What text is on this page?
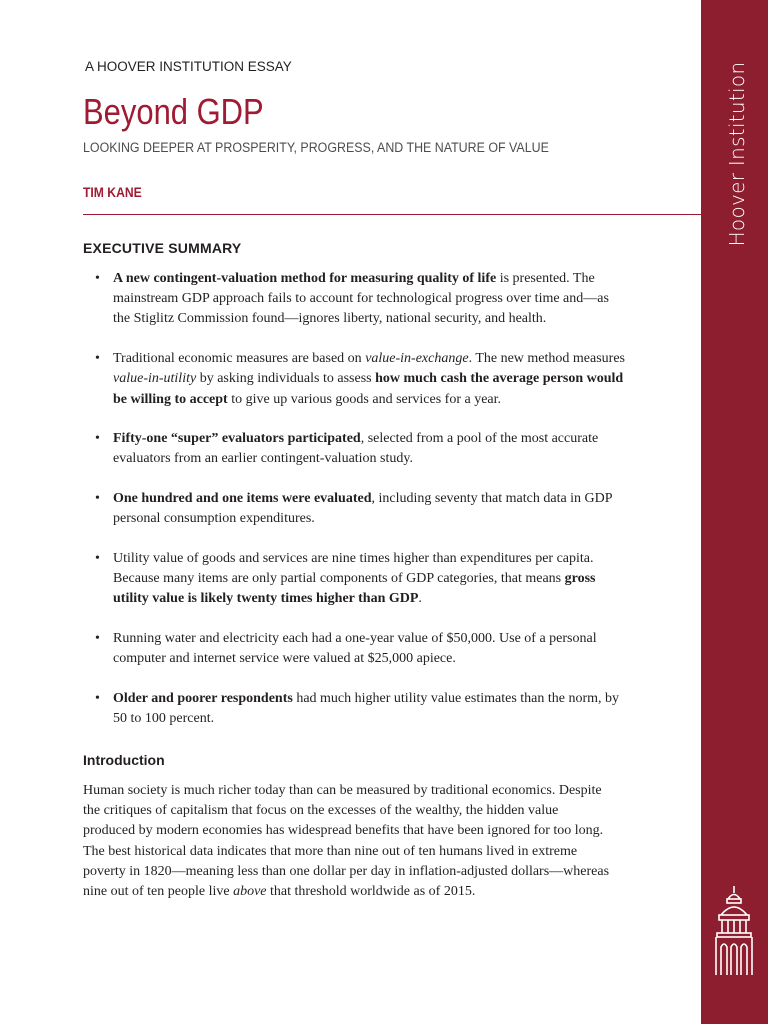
Hoover Institution
A HOOVER INSTITUTION ESSAY
Beyond GDP
LOOKING DEEPER AT PROSPERITY, PROGRESS, AND THE NATURE OF VALUE
TIM KANE
EXECUTIVE SUMMARY
• A new contingent-valuation method for measuring quality of life is presented. The mainstream GDP approach fails to account for technological progress over time and—as the Stiglitz Commission found—ignores liberty, national security, and health.
• Traditional economic measures are based on value-in-exchange. The new method measures value-in-utility by asking individuals to assess how much cash the average person would be willing to accept to give up various goods and services for a year.
• Fifty-one “super” evaluators participated, selected from a pool of the most accurate evaluators from an earlier contingent-valuation study.
• One hundred and one items were evaluated, including seventy that match data in GDP personal consumption expenditures.
• Utility value of goods and services are nine times higher than expenditures per capita. Because many items are only partial components of GDP categories, that means gross utility value is likely twenty times higher than GDP.
• Running water and electricity each had a one-year value of $50,000. Use of a personal computer and internet service were valued at $25,000 apiece.
• Older and poorer respondents had much higher utility value estimates than the norm, by 50 to 100 percent.
Introduction

Human society is much richer today than can be measured by traditional economics. Despite the critiques of capitalism that focus on the excesses of the wealthy, the hidden value produced by modern economies has widespread benefits that have been ignored for too long. The best historical data indicates that more than nine out of ten humans lived in extreme poverty in 1820—meaning less than one dollar per day in inflation-adjusted dollars—whereas nine out of ten people live above that threshold worldwide as of 2015.
